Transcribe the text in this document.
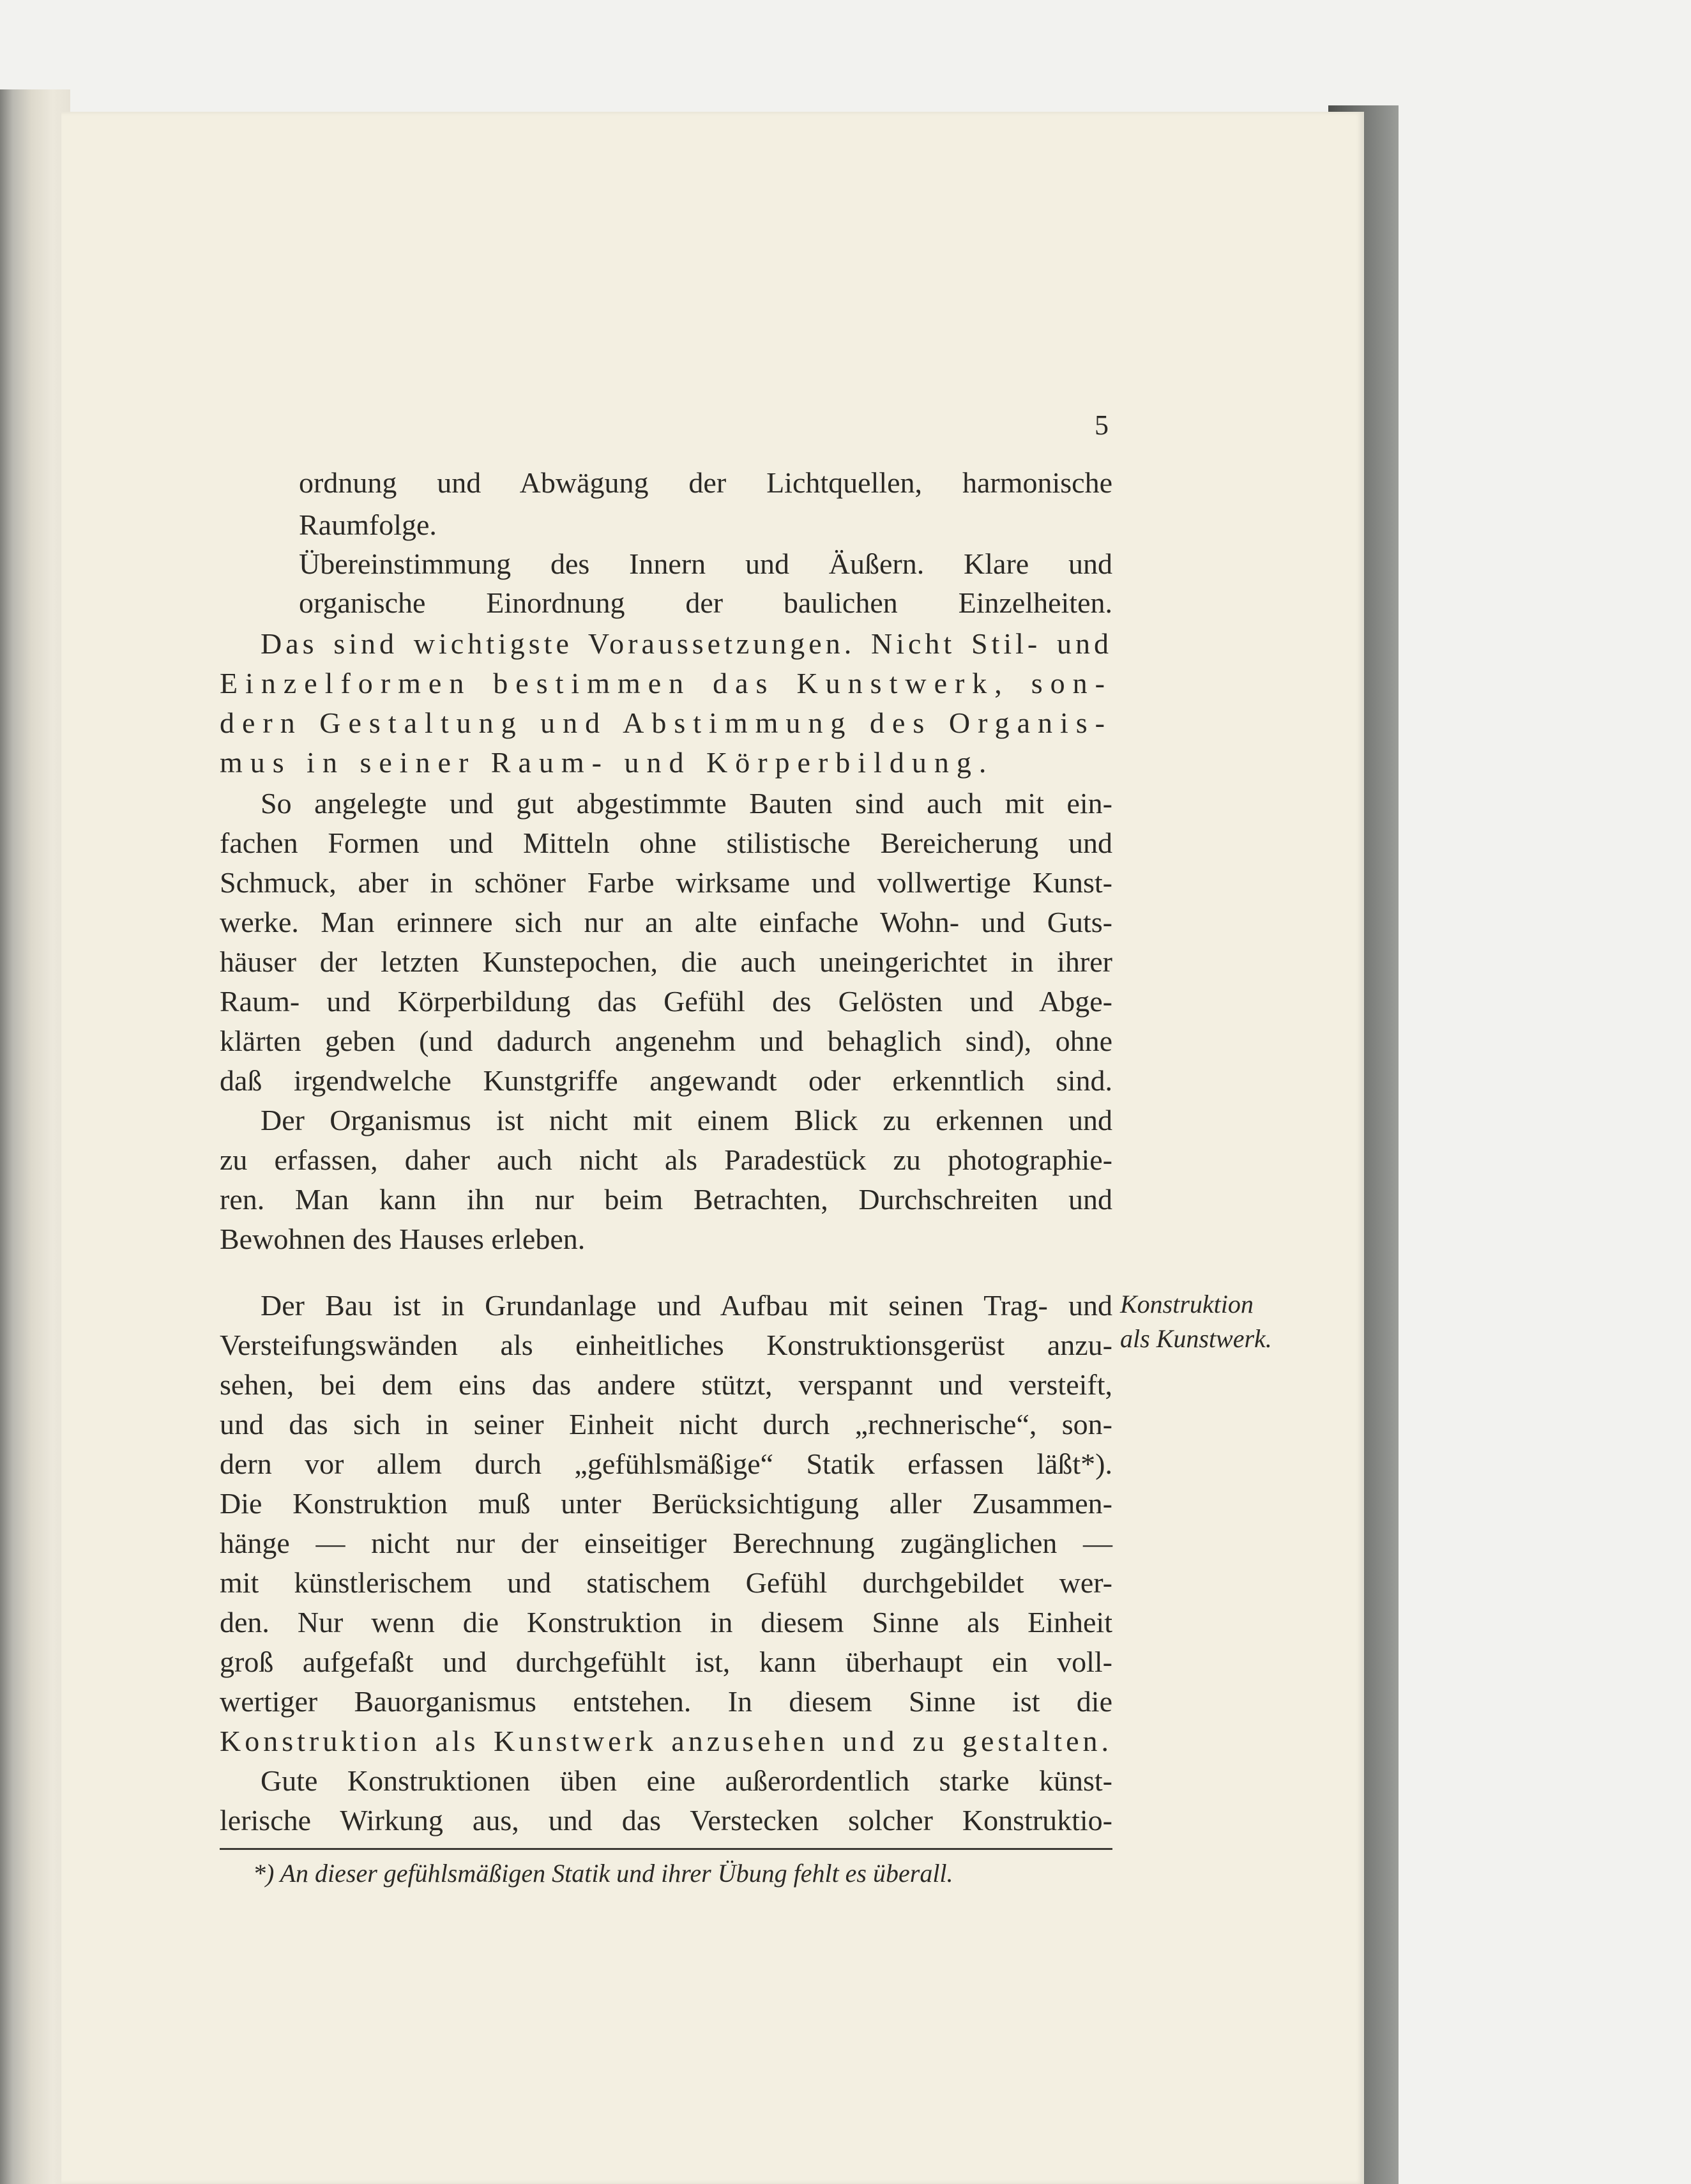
5
ordnung und Abwägung der Lichtquellen, harmonische
Raumfolge.
Übereinstimmung des Innern und Äußern. Klare und
organische Einordnung der baulichen Einzelheiten.
Das sind wichtigste Voraussetzungen. Nicht Stil- und
Einzelformen bestimmen das Kunstwerk, son-
dern Gestaltung und Abstimmung des Organis-
mus in seiner Raum- und Körperbildung.
So angelegte und gut abgestimmte Bauten sind auch mit ein-
fachen Formen und Mitteln ohne stilistische Bereicherung und
Schmuck, aber in schöner Farbe wirksame und vollwertige Kunst-
werke. Man erinnere sich nur an alte einfache Wohn- und Guts-
häuser der letzten Kunstepochen, die auch uneingerichtet in ihrer
Raum- und Körperbildung das Gefühl des Gelösten und Abge-
klärten geben (und dadurch angenehm und behaglich sind), ohne
daß irgendwelche Kunstgriffe angewandt oder erkenntlich sind.
Der Organismus ist nicht mit einem Blick zu erkennen und
zu erfassen, daher auch nicht als Paradestück zu photographie-
ren. Man kann ihn nur beim Betrachten, Durchschreiten und
Bewohnen des Hauses erleben.
Der Bau ist in Grundanlage und Aufbau mit seinen Trag- und
Versteifungswänden als einheitliches Konstruktionsgerüst anzu-
sehen, bei dem eins das andere stützt, verspannt und versteift,
und das sich in seiner Einheit nicht durch „rechnerische“, son-
dern vor allem durch „gefühlsmäßige“ Statik erfassen läßt*).
Die Konstruktion muß unter Berücksichtigung aller Zusammen-
hänge — nicht nur der einseitiger Berechnung zugänglichen —
mit künstlerischem und statischem Gefühl durchgebildet wer-
den. Nur wenn die Konstruktion in diesem Sinne als Einheit
groß aufgefaßt und durchgefühlt ist, kann überhaupt ein voll-
wertiger Bauorganismus entstehen. In diesem Sinne ist die
Konstruktion als Kunstwerk anzusehen und zu gestalten.
Gute Konstruktionen üben eine außerordentlich starke künst-
lerische Wirkung aus, und das Verstecken solcher Konstruktio-
Konstruktion
als Kunstwerk.
*) An dieser gefühlsmäßigen Statik und ihrer Übung fehlt es überall.
